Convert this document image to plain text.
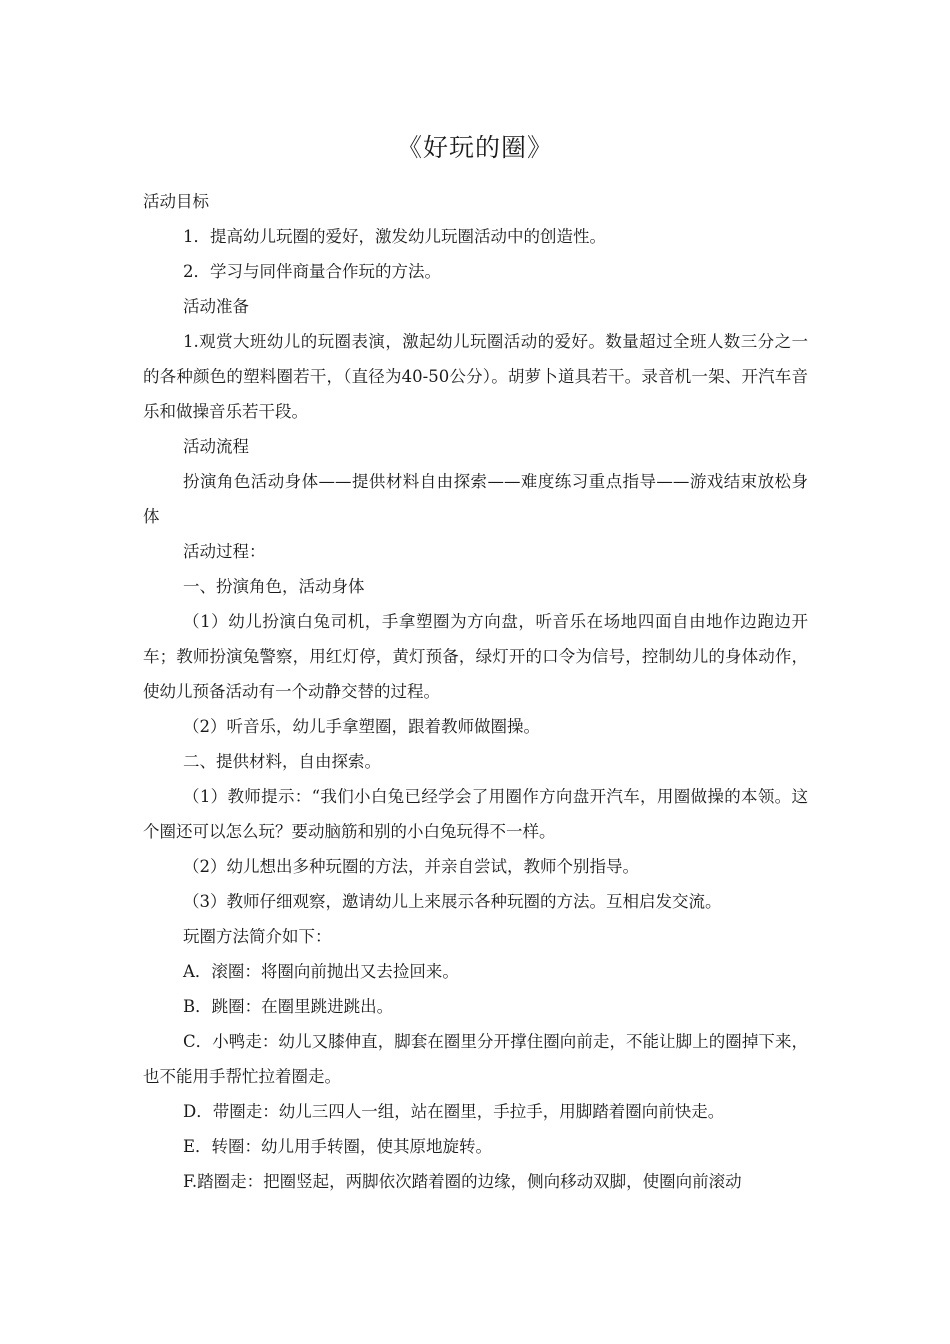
《好玩的圈》

活动目标

1．提高幼儿玩圈的爱好，激发幼儿玩圈活动中的创造性。

2．学习与同伴商量合作玩的方法。

活动准备

1.观赏大班幼儿的玩圈表演，激起幼儿玩圈活动的爱好。数量超过全班人数三分之一的各种颜色的塑料圈若干，（直径为40-50公分）。胡萝卜道具若干。录音机一架、开汽车音乐和做操音乐若干段。

活动流程

扮演角色活动身体——提供材料自由探索——难度练习重点指导——游戏结束放松身体

活动过程：

一、扮演角色，活动身体

（1）幼儿扮演白兔司机，手拿塑圈为方向盘，听音乐在场地四面自由地作边跑边开车；教师扮演兔警察，用红灯停，黄灯预备，绿灯开的口令为信号，控制幼儿的身体动作，使幼儿预备活动有一个动静交替的过程。

（2）听音乐，幼儿手拿塑圈，跟着教师做圈操。

二、提供材料，自由探索。

（1）教师提示：“我们小白兔已经学会了用圈作方向盘开汽车，用圈做操的本领。这个圈还可以怎么玩？要动脑筋和别的小白兔玩得不一样。

（2）幼儿想出多种玩圈的方法，并亲自尝试，教师个别指导。

（3）教师仔细观察，邀请幼儿上来展示各种玩圈的方法。互相启发交流。

玩圈方法简介如下：

A．滚圈：将圈向前抛出又去捡回来。

B．跳圈：在圈里跳进跳出。

C．小鸭走：幼儿又膝伸直，脚套在圈里分开撑住圈向前走，不能让脚上的圈掉下来，也不能用手帮忙拉着圈走。

D．带圈走：幼儿三四人一组，站在圈里，手拉手，用脚踏着圈向前快走。

E．转圈：幼儿用手转圈，使其原地旋转。

F.踏圈走：把圈竖起，两脚依次踏着圈的边缘，侧向移动双脚，使圈向前滚动
